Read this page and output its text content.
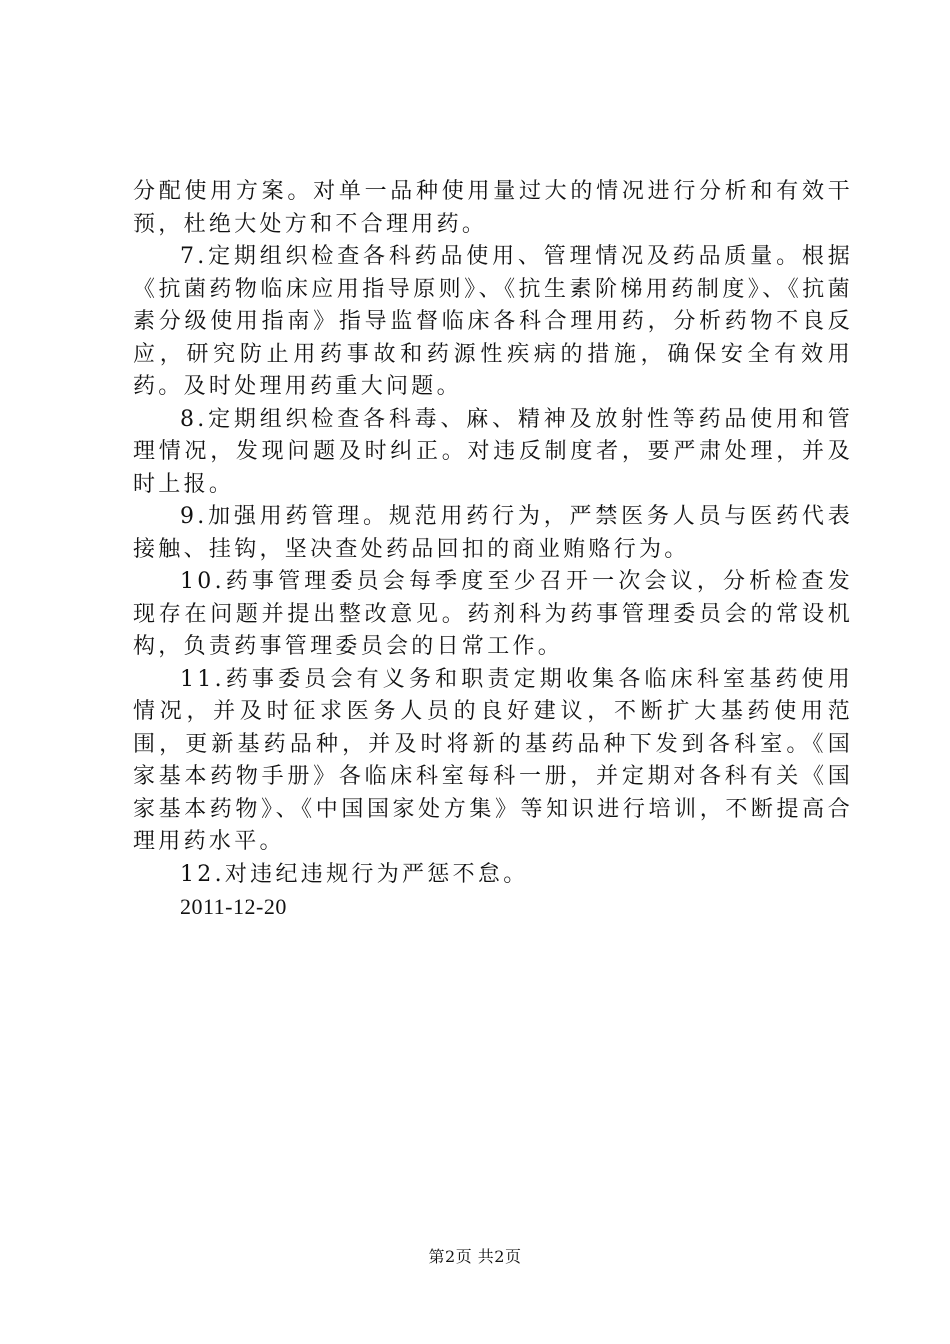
分配使用方案。对单一品种使用量过大的情况进行分析和有效干预，杜绝大处方和不合理用药。

7.定期组织检查各科药品使用、管理情况及药品质量。根据《抗菌药物临床应用指导原则》、《抗生素阶梯用药制度》、《抗菌素分级使用指南》指导监督临床各科合理用药，分析药物不良反应，研究防止用药事故和药源性疾病的措施，确保安全有效用药。及时处理用药重大问题。

8.定期组织检查各科毒、麻、精神及放射性等药品使用和管理情况，发现问题及时纠正。对违反制度者，要严肃处理，并及时上报。

9.加强用药管理。规范用药行为，严禁医务人员与医药代表接触、挂钩，坚决查处药品回扣的商业贿赂行为。

10.药事管理委员会每季度至少召开一次会议，分析检查发现存在问题并提出整改意见。药剂科为药事管理委员会的常设机构，负责药事管理委员会的日常工作。

11.药事委员会有义务和职责定期收集各临床科室基药使用情况，并及时征求医务人员的良好建议，不断扩大基药使用范围，更新基药品种，并及时将新的基药品种下发到各科室。《国家基本药物手册》各临床科室每科一册，并定期对各科有关《国家基本药物》、《中国国家处方集》等知识进行培训，不断提高合理用药水平。

12.对违纪违规行为严惩不怠。

2011-12-20

第2页 共2页
